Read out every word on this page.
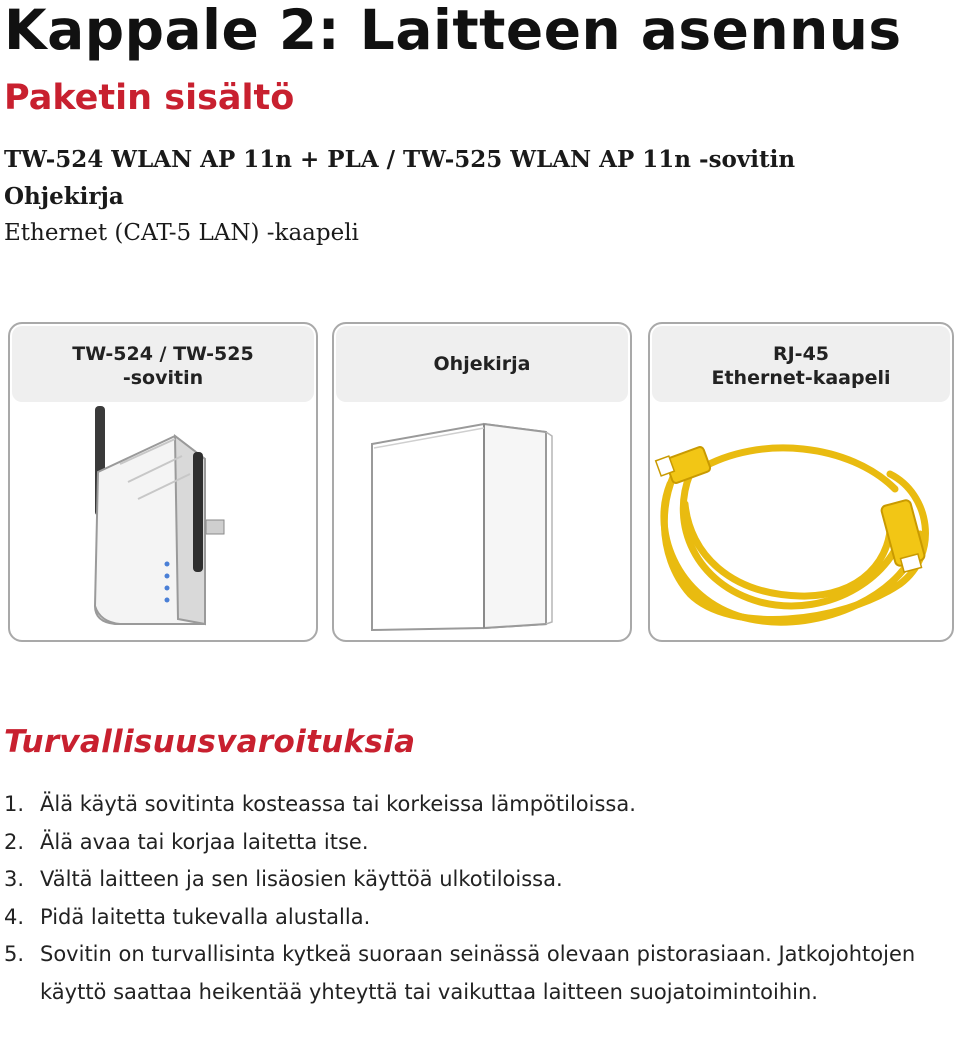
Kappale 2: Laitteen asennus
Paketin sisältö
TW-524 WLAN AP 11n + PLA / TW-525 WLAN AP 11n -sovitin
Ohjekirja
Ethernet (CAT-5 LAN) -kaapeli
TW-524 / TW-525
-sovitin
Ohjekirja	RJ-45
Ethernet-kaapeli
Turvallisuusvaroituksia
1. Älä käytä sovitinta kosteassa tai korkeissa lämpötiloissa.
2. Älä avaa tai korjaa laitetta itse.
3. Vältä laitteen ja sen lisäosien käyttöä ulkotiloissa.
4. Pidä laitetta tukevalla alustalla.
5. Sovitin on turvallisinta kytkeä suoraan seinässä olevaan pistorasiaan. Jatkojohtojen käyttö saattaa heikentää yhteyttä tai vaikuttaa laitteen suojatoimintoihin.
